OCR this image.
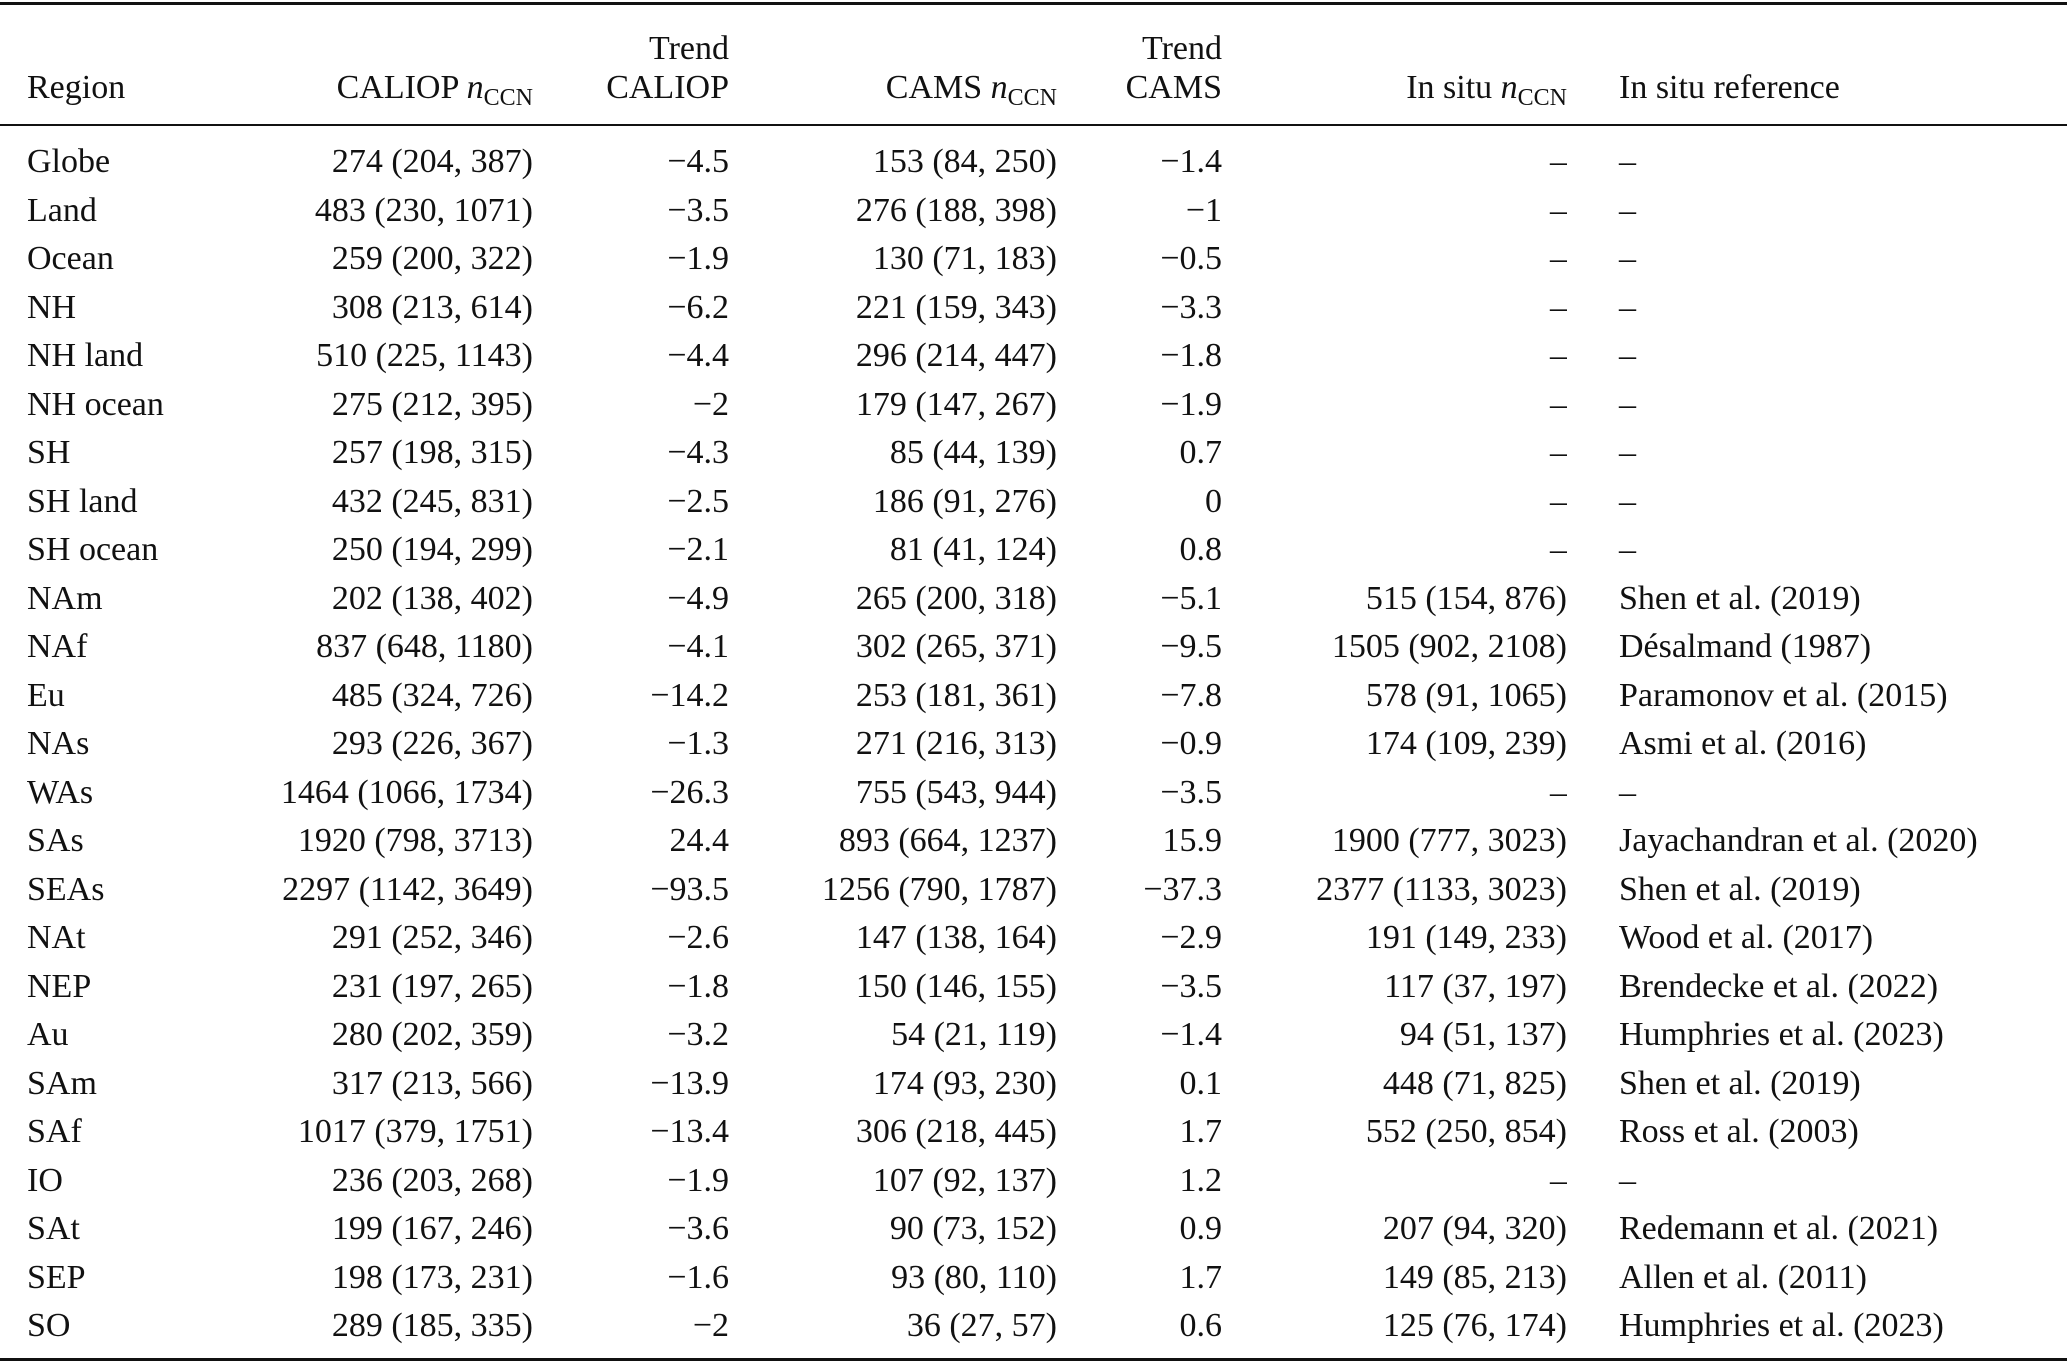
		Trend		Trend		
Region	CALIOP $n_{CCN}$	CALIOP	CAMS $n_{CCN}$	CAMS	In situ $n_{CCN}$	In situ reference

Globe	274 (204, 387)	−4.5	153 (84, 250)	−1.4	–	–
Land	483 (230, 1071)	−3.5	276 (188, 398)	−1	–	–
Ocean	259 (200, 322)	−1.9	130 (71, 183)	−0.5	–	–
NH	308 (213, 614)	−6.2	221 (159, 343)	−3.3	–	–
NH land	510 (225, 1143)	−4.4	296 (214, 447)	−1.8	–	–
NH ocean	275 (212, 395)	−2	179 (147, 267)	−1.9	–	–
SH	257 (198, 315)	−4.3	85 (44, 139)	0.7	–	–
SH land	432 (245, 831)	−2.5	186 (91, 276)	0	–	–
SH ocean	250 (194, 299)	−2.1	81 (41, 124)	0.8	–	–
NAm	202 (138, 402)	−4.9	265 (200, 318)	−5.1	515 (154, 876)	Shen et al. (2019)
NAf	837 (648, 1180)	−4.1	302 (265, 371)	−9.5	1505 (902, 2108)	Désalmand (1987)
Eu	485 (324, 726)	−14.2	253 (181, 361)	−7.8	578 (91, 1065)	Paramonov et al. (2015)
NAs	293 (226, 367)	−1.3	271 (216, 313)	−0.9	174 (109, 239)	Asmi et al. (2016)
WAs	1464 (1066, 1734)	−26.3	755 (543, 944)	−3.5	–	–
SAs	1920 (798, 3713)	24.4	893 (664, 1237)	15.9	1900 (777, 3023)	Jayachandran et al. (2020)
SEAs	2297 (1142, 3649)	−93.5	1256 (790, 1787)	−37.3	2377 (1133, 3023)	Shen et al. (2019)
NAt	291 (252, 346)	−2.6	147 (138, 164)	−2.9	191 (149, 233)	Wood et al. (2017)
NEP	231 (197, 265)	−1.8	150 (146, 155)	−3.5	117 (37, 197)	Brendecke et al. (2022)
Au	280 (202, 359)	−3.2	54 (21, 119)	−1.4	94 (51, 137)	Humphries et al. (2023)
SAm	317 (213, 566)	−13.9	174 (93, 230)	0.1	448 (71, 825)	Shen et al. (2019)
SAf	1017 (379, 1751)	−13.4	306 (218, 445)	1.7	552 (250, 854)	Ross et al. (2003)
IO	236 (203, 268)	−1.9	107 (92, 137)	1.2	–	–
SAt	199 (167, 246)	−3.6	90 (73, 152)	0.9	207 (94, 320)	Redemann et al. (2021)
SEP	198 (173, 231)	−1.6	93 (80, 110)	1.7	149 (85, 213)	Allen et al. (2011)
SO	289 (185, 335)	−2	36 (27, 57)	0.6	125 (76, 174)	Humphries et al. (2023)
